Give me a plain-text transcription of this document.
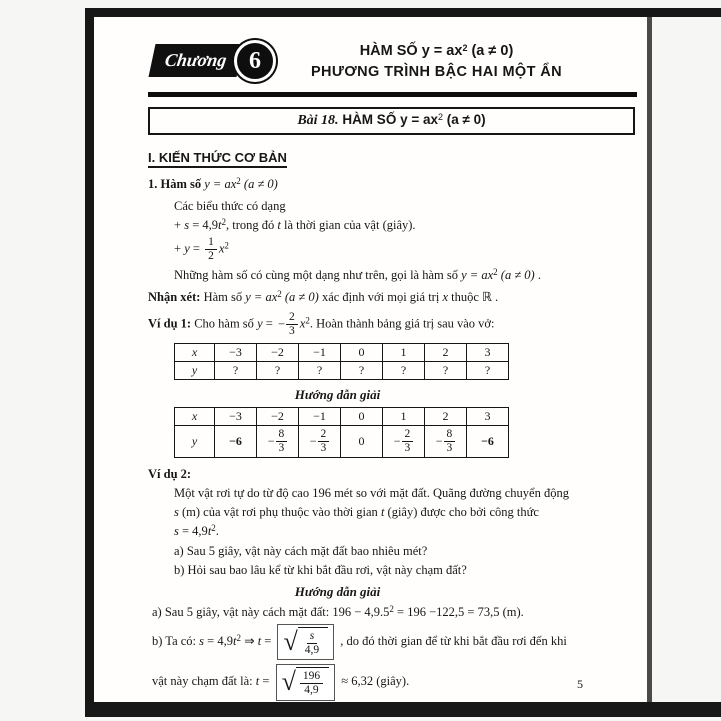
Chương 6	HÀM SỐ $y = ax^2$ (a ≠ 0)
PHƯƠNG TRÌNH BẬC HAI MỘT ẨN
Bài 18. HÀM SỐ $y = ax^2$ (a ≠ 0)
I. KIẾN THỨC CƠ BẢN
1. Hàm số $y = ax^2$ (a ≠ 0)
Các biểu thức có dạng
+ $s = 4,9t^2$, trong đó t là thời gian của vật (giây).
+ $y = \frac{1}{2} x^2$
Những hàm số có cùng một dạng như trên, gọi là hàm số $y = ax^2$ (a ≠ 0) .
Nhận xét: Hàm số $y = ax^2$ (a ≠ 0) xác định với mọi giá trị x thuộc ℝ .
Ví dụ 1: Cho hàm số y = − $\frac{2}{3} x^2$. Hoàn thành bảng giá trị sau vào vở:
x	−3	−2	−1	0	1	2	3
y	?	?	?	?	?	?	?
Hướng dẫn giải
x	−3	−2	−1	0	1	2	3
y	−6	− $\frac{8}{3}$	− $\frac{2}{3}$	0	− $\frac{2}{3}$	− $\frac{8}{3}$	−6
Ví dụ 2:
Một vật rơi tự do từ độ cao 196 mét so với mặt đất. Quãng đường chuyển động
s (m) của vật rơi phụ thuộc vào thời gian t (giây) được cho bởi công thức
$s = 4,9t^2$.
a) Sau 5 giây, vật này cách mặt đất bao nhiêu mét?
b) Hỏi sau bao lâu kể từ khi bắt đầu rơi, vật này chạm đất?
Hướng dẫn giải
a) Sau 5 giây, vật này cách mặt đất: $196 - 4,9.5^2 = 196 -122,5 = 73,5$ (m).
b) Ta có: $s = 4,9t^2$ ⇒ t = √ $\frac{s}{4,9}$ , do đó thời gian để từ khi bắt đầu rơi đến khi
vật này chạm đất là: t = √ $\frac{196}{4,9} \approx 6,32$ (giây).	5
